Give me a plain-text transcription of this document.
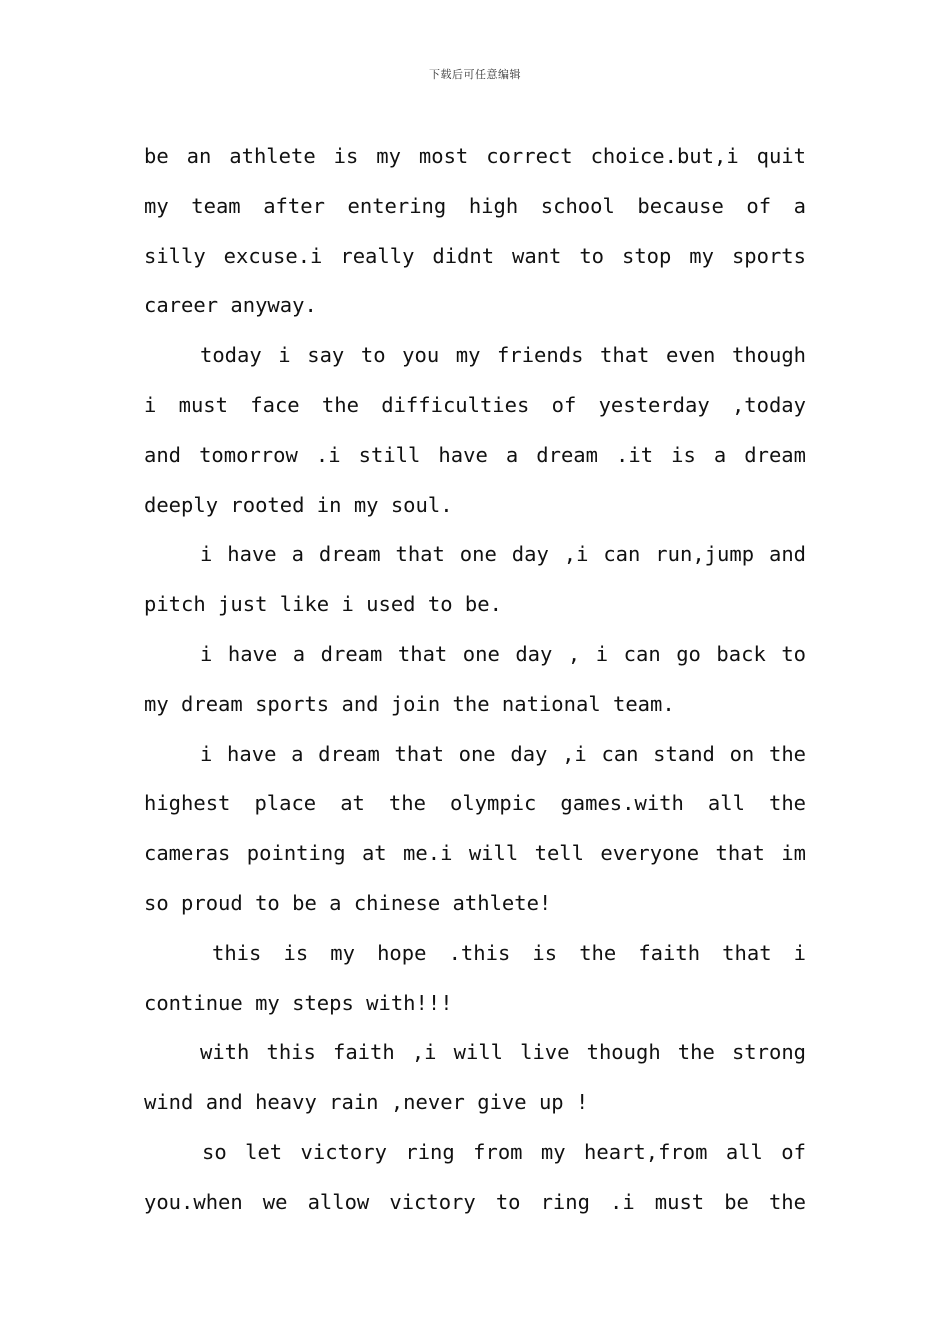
下载后可任意编辑
be an athlete is my most correct choice.but,i quit
my team after entering high school because of a
silly excuse.i really didnt want to stop my sports
career anyway.
today i say to you my friends that even though
i must face the difficulties of yesterday ,today
and tomorrow .i still have a dream .it is a dream
deeply rooted in my soul.
i have a dream that one day ,i can run,jump and
pitch just like i used to be.
i have a dream that one day , i can go back to
my dream sports and join the national team.
i have a dream that one day ,i can stand on the
highest place at the olympic games.with all the
cameras pointing at me.i will tell everyone that im
so proud to be a chinese athlete!
this is my hope .this is the faith that i
continue my steps with!!!
with this faith ,i will live though the strong
wind and heavy rain ,never give up !
so let victory ring from my heart,from all of
you.when we allow victory to ring .i must be the
